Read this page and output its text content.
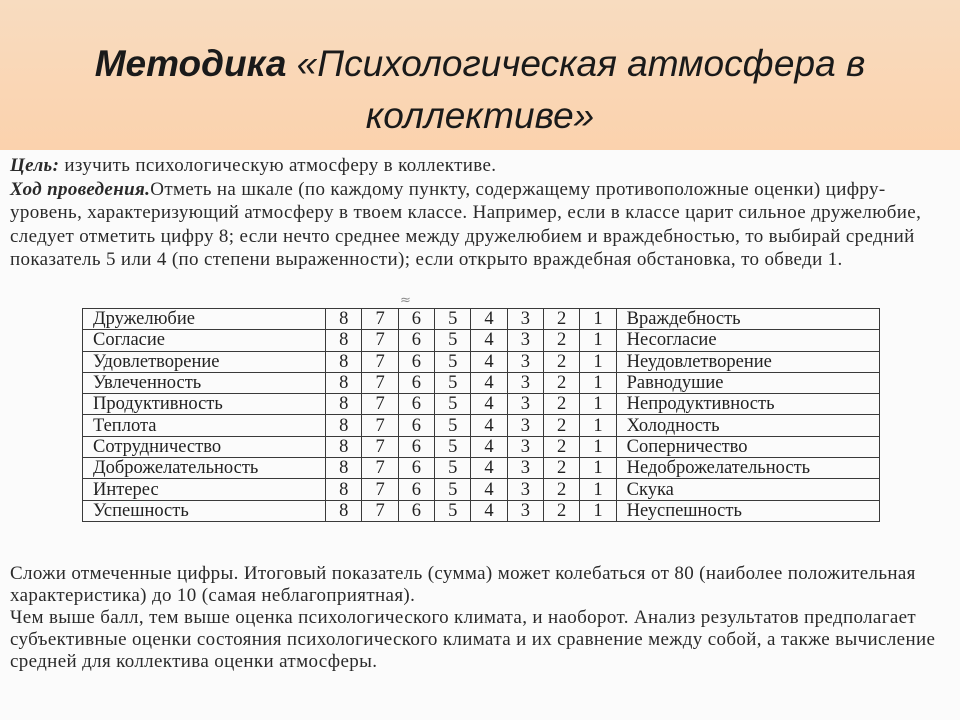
Методика «Психологическая атмосфера в коллективе»
Цель: изучить психологическую атмосферу в коллективе.
Ход проведения.Отметь на шкале (по каждому пункту, содержащему противоположные оценки) цифру-уровень, характеризующий атмосферу в твоем классе. Например, если в классе царит сильное дружелюбие, следует отметить цифру 8; если нечто среднее между дружелюбием и враждебностью, то выбирай средний показатель 5 или 4 (по степени выраженности); если открыто враждебная обстановка, то обведи 1.
≈
Дружелюбие	8	7	6	5	4	3	2	1	Враждебность
Согласие	8	7	6	5	4	3	2	1	Несогласие
Удовлетворение	8	7	6	5	4	3	2	1	Неудовлетворение
Увлеченность	8	7	6	5	4	3	2	1	Равнодушие
Продуктивность	8	7	6	5	4	3	2	1	Непродуктивность
Теплота	8	7	6	5	4	3	2	1	Холодность
Сотрудничество	8	7	6	5	4	3	2	1	Соперничество
Доброжелательность	8	7	6	5	4	3	2	1	Недоброжелательность
Интерес	8	7	6	5	4	3	2	1	Скука
Успешность	8	7	6	5	4	3	2	1	Неуспешность

Сложи отмеченные цифры. Итоговый показатель (сумма) может колебаться от 80 (наиболее положительная характеристика) до 10 (самая неблагоприятная).

Чем выше балл, тем выше оценка психологического климата, и наоборот. Анализ результатов предполагает субъективные оценки состояния психологического климата и их сравнение между собой, а также вычисление средней для коллектива оценки атмосферы.
